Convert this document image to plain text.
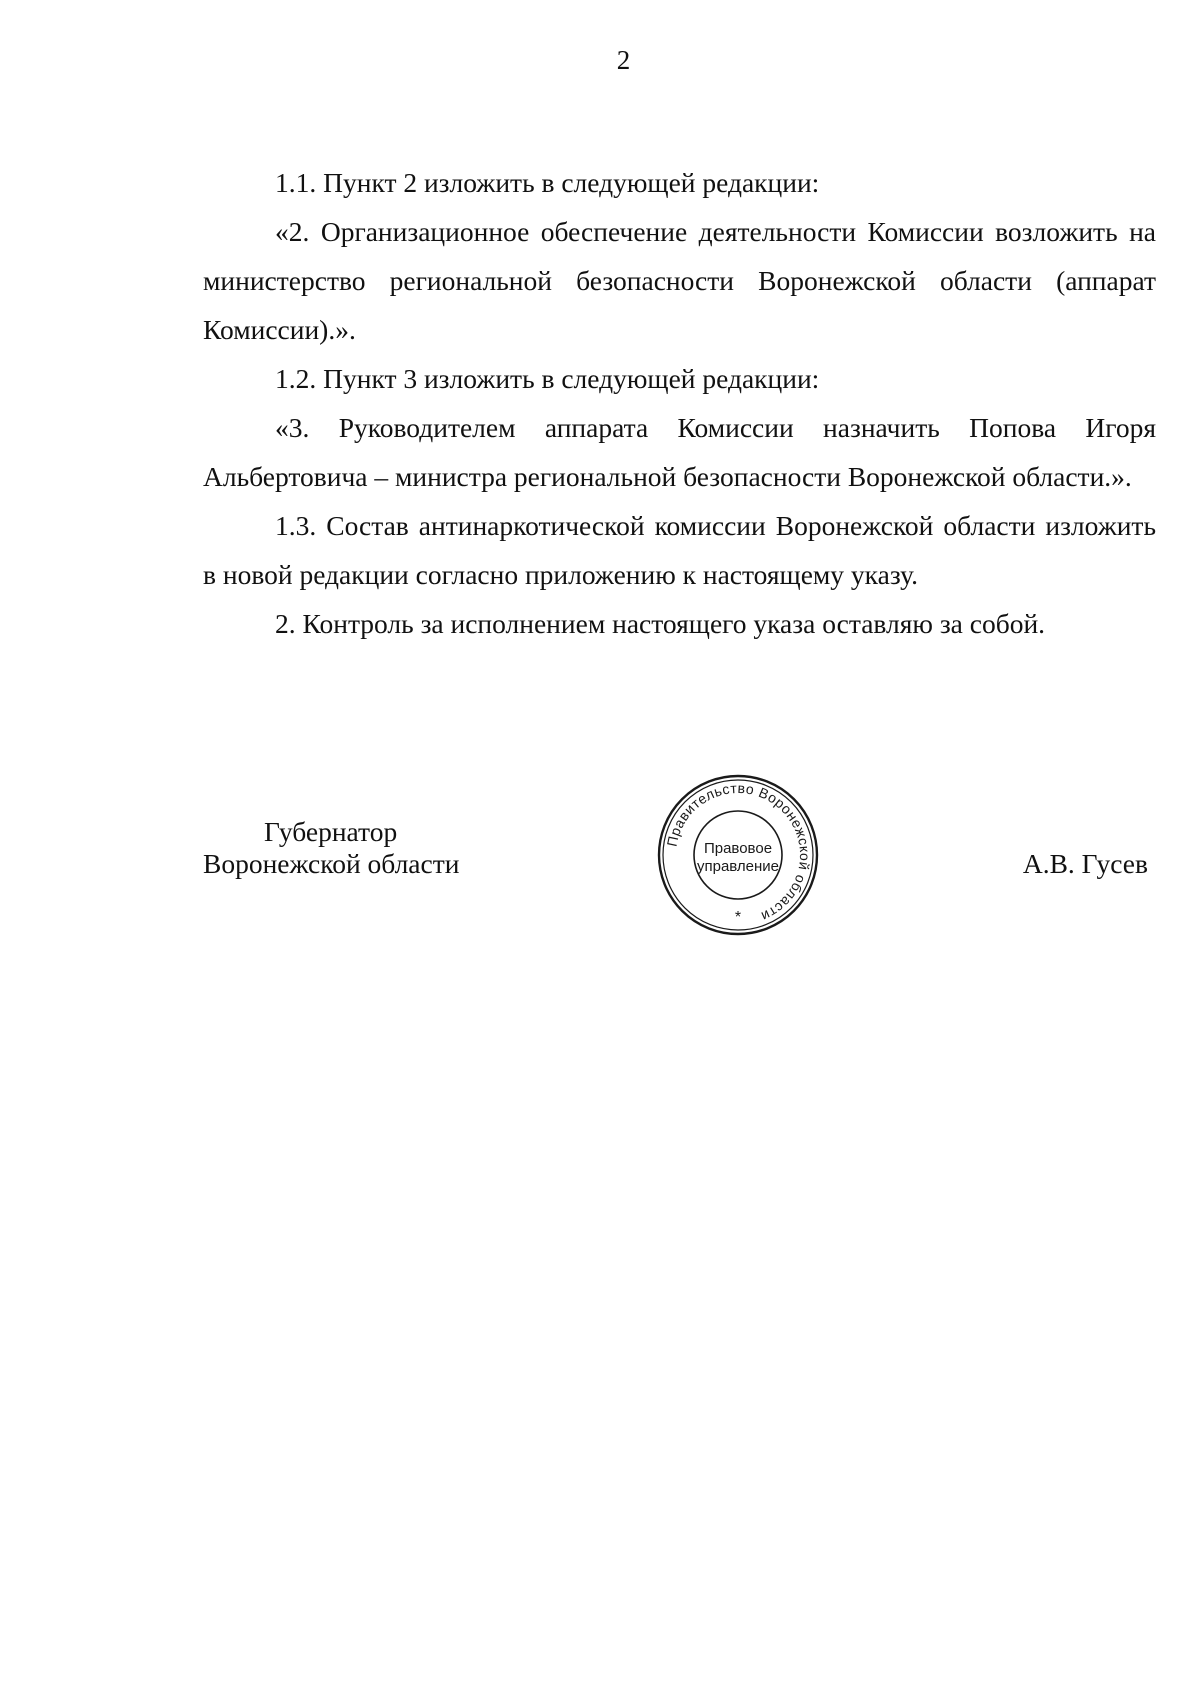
2

1.1. Пункт 2 изложить в следующей редакции:

«2. Организационное обеспечение деятельности Комиссии возложить на министерство региональной безопасности Воронежской области (аппарат Комиссии).».

1.2. Пункт 3 изложить в следующей редакции:

«3. Руководителем аппарата Комиссии назначить Попова Игоря Альбертовича – министра региональной безопасности Воронежской области.».

1.3. Состав антинаркотической комиссии Воронежской области изложить в новой редакции согласно приложению к настоящему указу.

2. Контроль за исполнением настоящего указа оставляю за собой.

Губернатор
Воронежской области
Правительство Воронежской области
*
Правовое
управление	А.В. Гусев
